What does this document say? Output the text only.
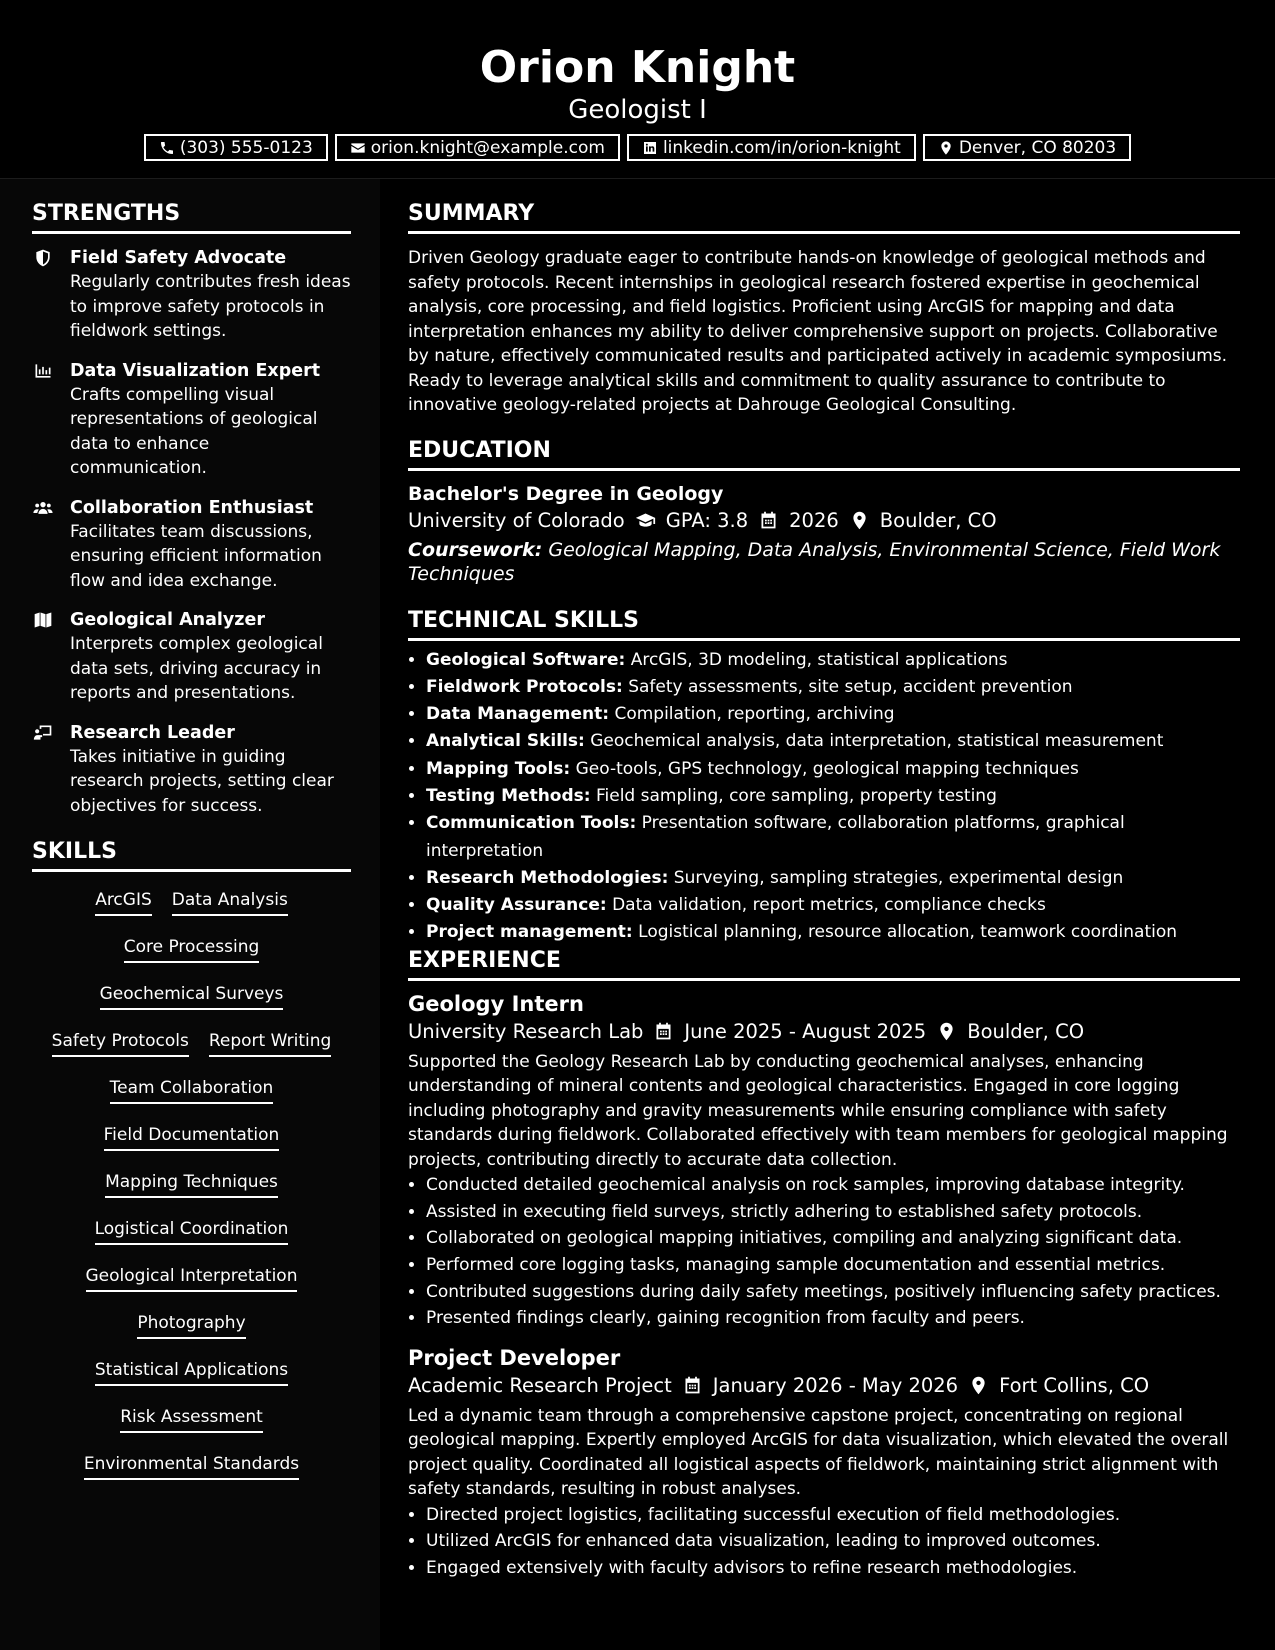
Orion Knight
Geologist I
(303) 555-0123	orion.knight@example.com	linkedin.com/in/orion-knight	Denver, CO 80203
STRENGTHS
Field Safety Advocate
Regularly contributes fresh ideas to improve safety protocols in fieldwork settings.
Data Visualization Expert
Crafts compelling visual representations of geological data to enhance communication.
Collaboration Enthusiast
Facilitates team discussions, ensuring efficient information flow and idea exchange.
Geological Analyzer
Interprets complex geological data sets, driving accuracy in reports and presentations.
Research Leader
Takes initiative in guiding research projects, setting clear objectives for success.
SKILLS
ArcGIS Data Analysis
Core Processing
Geochemical Surveys
Safety Protocols Report Writing
Team Collaboration
Field Documentation
Mapping Techniques
Logistical Coordination
Geological Interpretation
Photography
Statistical Applications
Risk Assessment
Environmental Standards
SUMMARY
Driven Geology graduate eager to contribute hands-on knowledge of geological methods and safety protocols. Recent internships in geological research fostered expertise in geochemical analysis, core processing, and field logistics. Proficient using ArcGIS for mapping and data interpretation enhances my ability to deliver comprehensive support on projects. Collaborative by nature, effectively communicated results and participated actively in academic symposiums. Ready to leverage analytical skills and commitment to quality assurance to contribute to innovative geology-related projects at Dahrouge Geological Consulting.
EDUCATION
Bachelor's Degree in Geology
University of Colorado GPA: 3.8 2026 Boulder, CO
Coursework: Geological Mapping, Data Analysis, Environmental Science, Field Work Techniques
TECHNICAL SKILLS
• Geological Software: ArcGIS, 3D modeling, statistical applications
• Fieldwork Protocols: Safety assessments, site setup, accident prevention
• Data Management: Compilation, reporting, archiving
• Analytical Skills: Geochemical analysis, data interpretation, statistical measurement
• Mapping Tools: Geo-tools, GPS technology, geological mapping techniques
• Testing Methods: Field sampling, core sampling, property testing
• Communication Tools: Presentation software, collaboration platforms, graphical interpretation
• Research Methodologies: Surveying, sampling strategies, experimental design
• Quality Assurance: Data validation, report metrics, compliance checks
• Project management: Logistical planning, resource allocation, teamwork coordination
EXPERIENCE
Geology Intern
University Research Lab June 2025 - August 2025 Boulder, CO
Supported the Geology Research Lab by conducting geochemical analyses, enhancing understanding of mineral contents and geological characteristics. Engaged in core logging including photography and gravity measurements while ensuring compliance with safety standards during fieldwork. Collaborated effectively with team members for geological mapping projects, contributing directly to accurate data collection.
• Conducted detailed geochemical analysis on rock samples, improving database integrity.
• Assisted in executing field surveys, strictly adhering to established safety protocols.
• Collaborated on geological mapping initiatives, compiling and analyzing significant data.
• Performed core logging tasks, managing sample documentation and essential metrics.
• Contributed suggestions during daily safety meetings, positively influencing safety practices.
• Presented findings clearly, gaining recognition from faculty and peers.
Project Developer
Academic Research Project January 2026 - May 2026 Fort Collins, CO
Led a dynamic team through a comprehensive capstone project, concentrating on regional geological mapping. Expertly employed ArcGIS for data visualization, which elevated the overall project quality. Coordinated all logistical aspects of fieldwork, maintaining strict alignment with safety standards, resulting in robust analyses.
• Directed project logistics, facilitating successful execution of field methodologies.
• Utilized ArcGIS for enhanced data visualization, leading to improved outcomes.
• Engaged extensively with faculty advisors to refine research methodologies.
